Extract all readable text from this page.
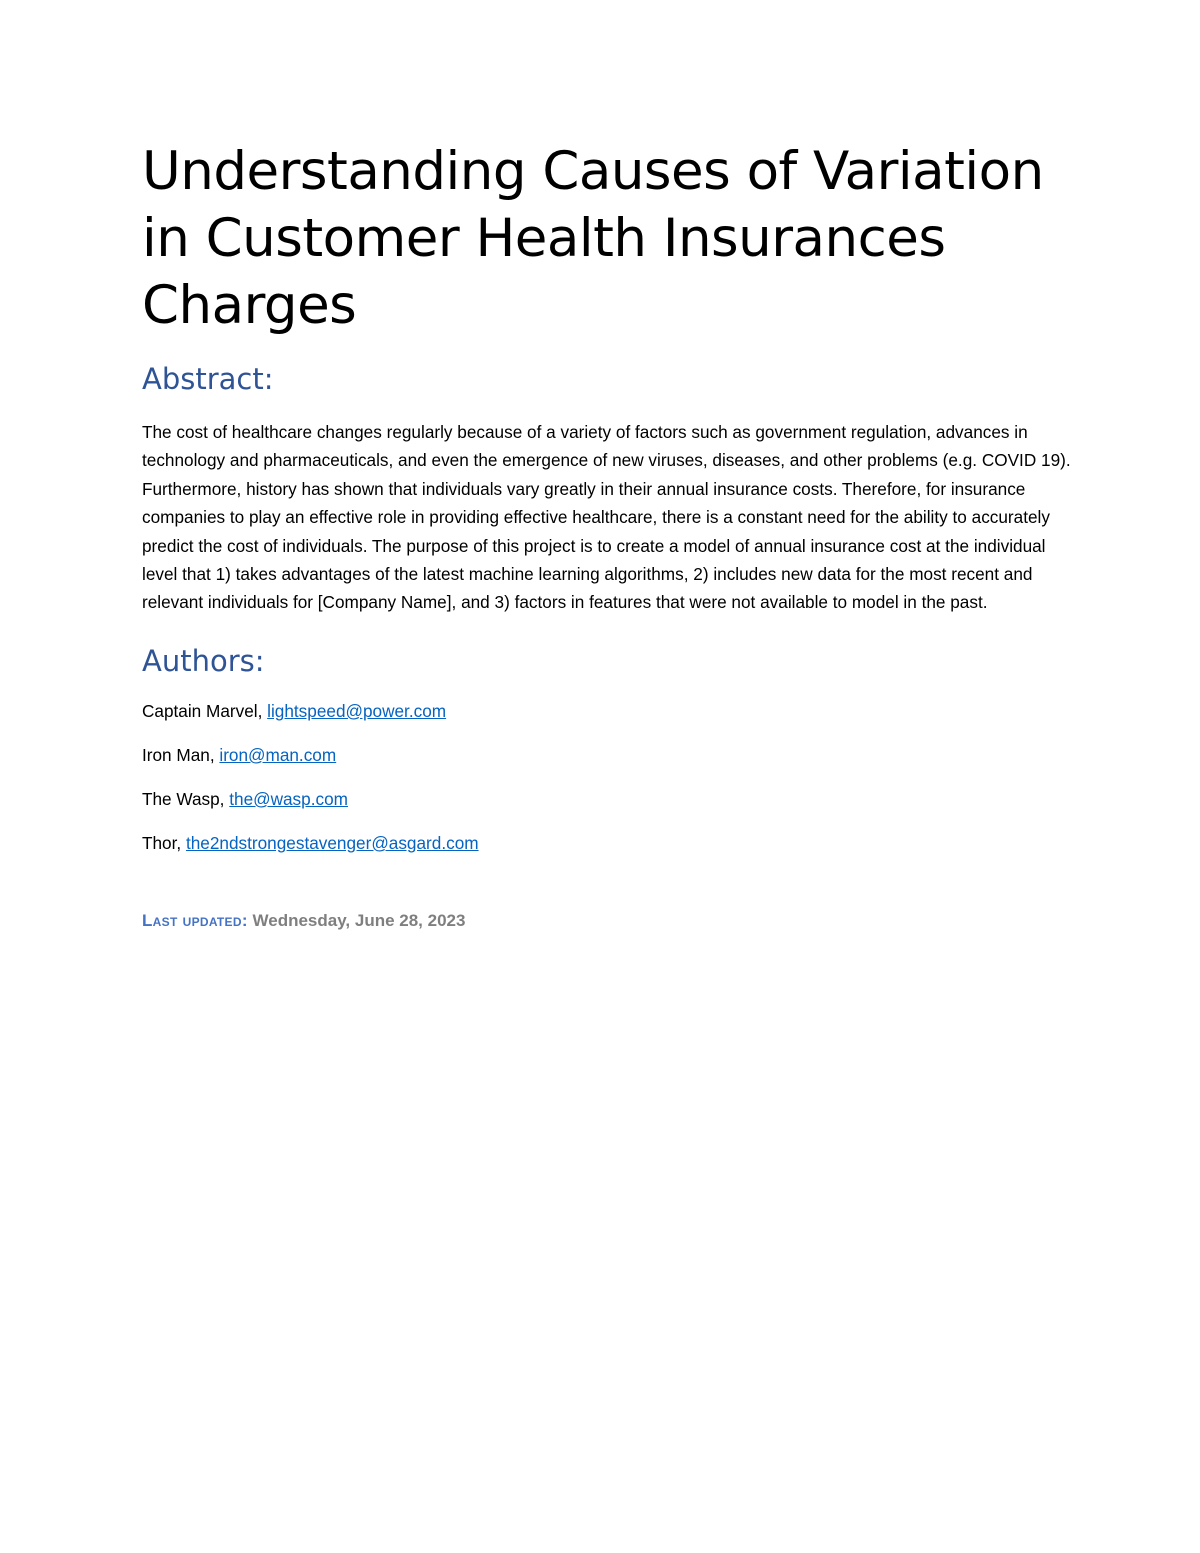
Understanding Causes of Variation in Customer Health Insurances Charges
Abstract:

The cost of healthcare changes regularly because of a variety of factors such as government regulation, advances in technology and pharmaceuticals, and even the emergence of new viruses, diseases, and other problems (e.g. COVID 19). Furthermore, history has shown that individuals vary greatly in their annual insurance costs. Therefore, for insurance companies to play an effective role in providing effective healthcare, there is a constant need for the ability to accurately predict the cost of individuals. The purpose of this project is to create a model of annual insurance cost at the individual level that 1) takes advantages of the latest machine learning algorithms, 2) includes new data for the most recent and relevant individuals for [Company Name], and 3) factors in features that were not available to model in the past.

Authors:
Captain Marvel, lightspeed@power.com
Iron Man, iron@man.com
The Wasp, the@wasp.com
Thor, the2ndstrongestavenger@asgard.com
Last updated: Wednesday, June 28, 2023
